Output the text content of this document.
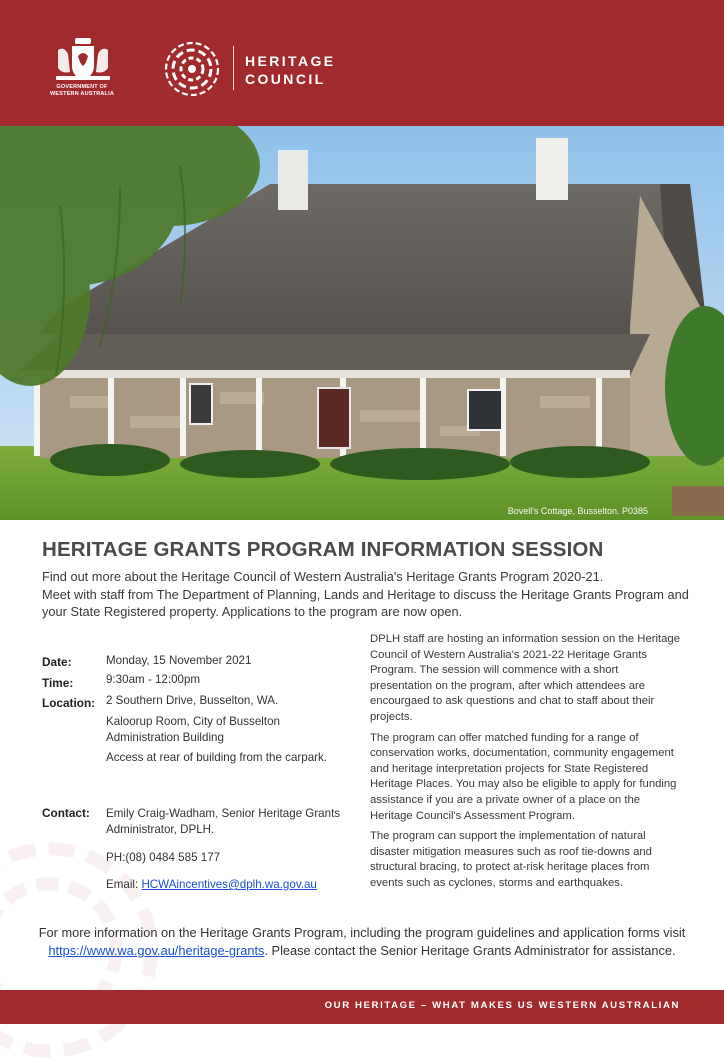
GOVERNMENT OF
WESTERN AUSTRALIA
HERITAGE
COUNCIL
Bovell's Cottage, Busselton. P0385
HERITAGE GRANTS PROGRAM INFORMATION SESSION

Find out more about the Heritage Council of Western Australia's Heritage Grants Program 2020-21.

Meet with staff from The Department of Planning, Lands and Heritage to discuss the Heritage Grants Program and your State Registered property. Applications to the program are now open.

Date:	Monday, 15 November 2021
Time:	9:30am - 12:00pm
Location: 2 Southern Drive, Busselton, WA.
Kaloorup Room, City of Busselton Administration Building
Access at rear of building from the carpark.
Contact: Emily Craig-Wadham, Senior Heritage Grants Administrator, DPLH.
PH:(08) 0484 585 177
Email: HCWAincentives@dplh.wa.gov.au

DPLH staff are hosting an information session on the Heritage Council of Western Australia's 2021-22 Heritage Grants Program. The session will commence with a short presentation on the program, after which attendees are encourgaed to ask questions and chat to staff about their projects.

The program can offer matched funding for a range of conservation works, documentation, community engagement and heritage interpretation projects for State Registered Heritage Places. You may also be eligible to apply for funding assistance if you are a private owner of a place on the Heritage Council's Assessment Program.

The program can support the implementation of natural disaster mitigation measures such as roof tie-downs and structural bracing, to protect at-risk heritage places from events such as cyclones, storms and earthquakes.

For more information on the Heritage Grants Program, including the program guidelines and application forms visit https://www.wa.gov.au/heritage-grants. Please contact the Senior Heritage Grants Administrator for assistance.
OUR HERITAGE – WHAT MAKES US WESTERN AUSTRALIAN
